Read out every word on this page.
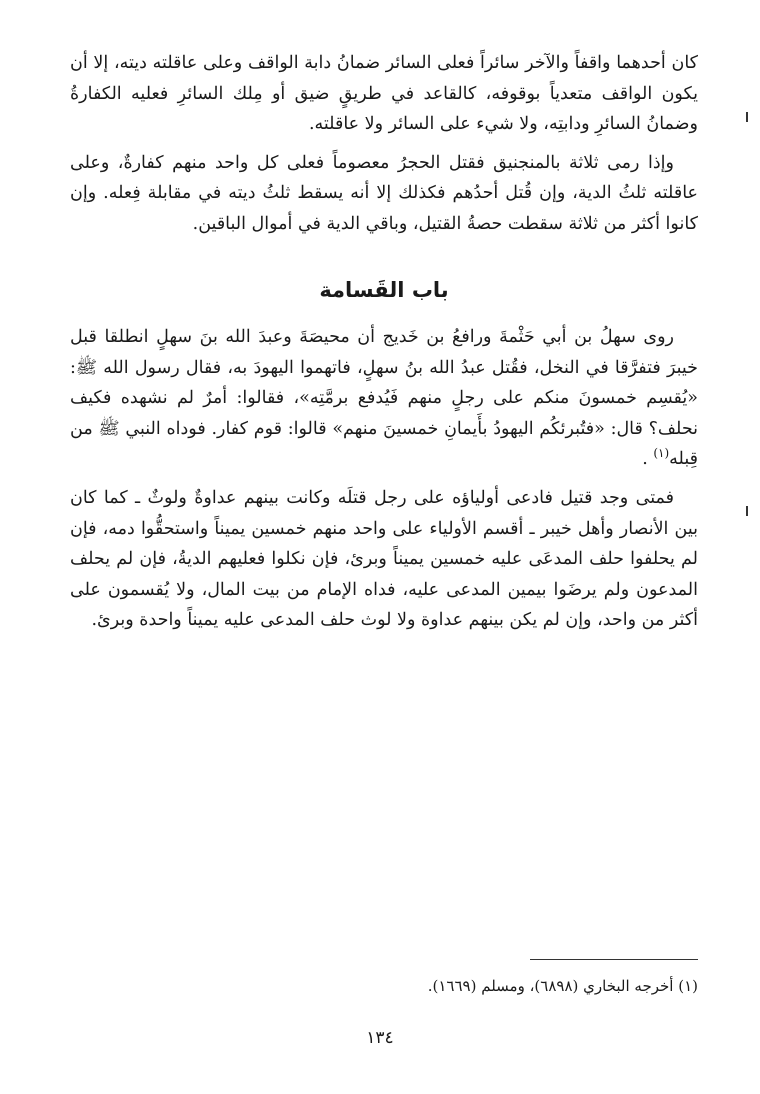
كان أحدهما واقفاً والآخر سائراً فعلى السائر ضمانُ دابة الواقف وعلى عاقلته ديته، إلا أن يكون الواقف متعدياً بوقوفه، كالقاعد في طريقٍ ضيق أو مِلك السائرِ فعليه الكفارةُ وضمانُ السائرِ ودابتِه، ولا شيء على السائر ولا عاقلته.

وإذا رمى ثلاثة بالمنجنيق فقتل الحجرُ معصوماً فعلى كل واحد منهم كفارةٌ، وعلى عاقلته ثلثُ الدية، وإن قُتل أحدُهم فكذلك إلا أنه يسقط ثلثُ ديته في مقابلة فِعله. وإن كانوا أكثر من ثلاثة سقطت حصةُ القتيل، وباقي الدية في أموال الباقين.

باب القَسامة

روى سهلُ بن أبي حَثْمةَ ورافعُ بن خَديج أن محيصَةَ وعبدَ الله بنَ سهلٍ انطلقا قبل خيبرَ فتفرَّقا في النخل، فقُتل عبدُ الله بنُ سهلٍ، فاتهموا اليهودَ به، فقال رسول الله ﷺ: «يُقسِم خمسونَ منكم على رجلٍ منهم فَيُدفع برمَّتِه»، فقالوا: أمرٌ لم نشهده فكيف نحلف؟ قال: «فتُبرئكُم اليهودُ بأَيمانِ خمسينَ منهم» قالوا: قوم كفار. فوداه النبي ﷺ من قِبله$^{(١)}$ .

فمتى وجد قتيل فادعى أولياؤه على رجل قتلَه وكانت بينهم عداوةٌ ولوثٌ ـ كما كان بين الأنصار وأهل خيبر ـ أقسم الأولياء على واحد منهم خمسين يميناً واستحقُّوا دمه، فإن لم يحلفوا حلف المدعَى عليه خمسين يميناً وبرئ، فإن نكلوا فعليهم الديةُ، فإن لم يحلف المدعون ولم يرضَوا بيمين المدعى عليه، فداه الإمام من بيت المال، ولا يُقسمون على أكثر من واحد، وإن لم يكن بينهم عداوة ولا لوث حلف المدعى عليه يميناً واحدة وبرئ.

(١) أخرجه البخاري (٦٨٩٨)، ومسلم (١٦٦٩).
١٣٤
